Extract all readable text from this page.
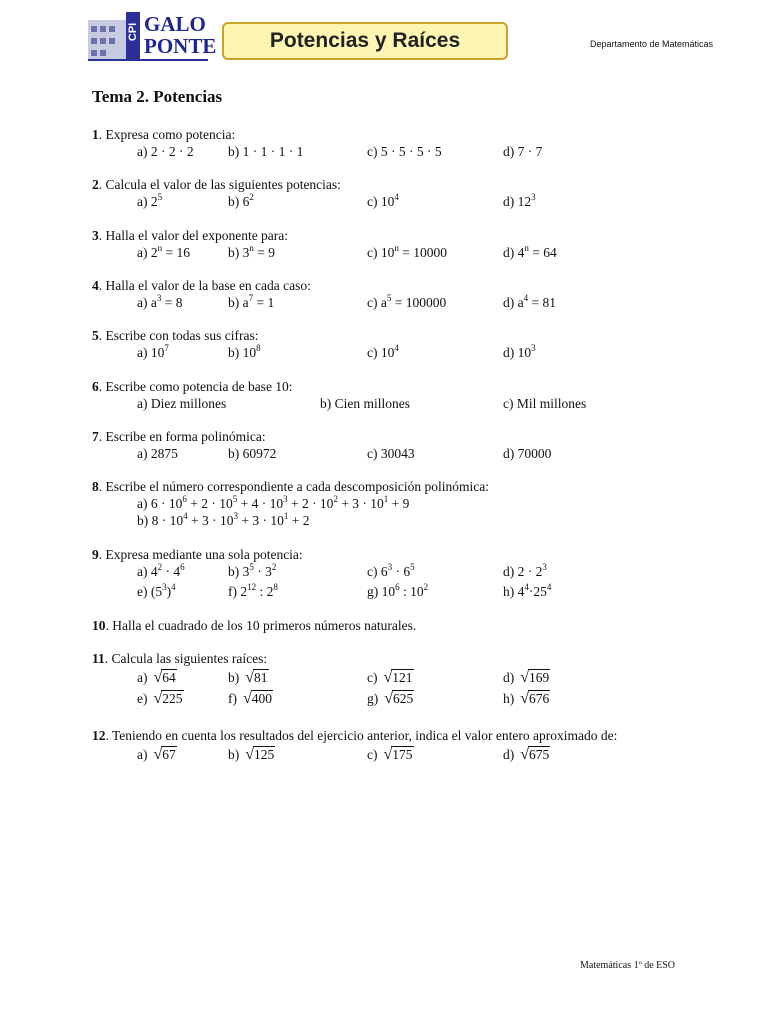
CPI GALO
PONTE	Potencias y Raíces	Departamento de Matemáticas
Tema 2. Potencias
1. Expresa como potencia:
a) 2 · 2 · 2	b) 1 · 1 · 1 · 1	c) 5 · 5 · 5 · 5	d) 7 · 7
2. Calcula el valor de las siguientes potencias:
a) $2^5$	b) $6^2$	c) $10^4$	d) $12^3$
3. Halla el valor del exponente para:
a) $2^n = 16$	b) $3^n = 9$	c) $10^n = 10000$	d) $4^n = 64$
4. Halla el valor de la base en cada caso:
a) $a^3 = 8$	b) $a^7 = 1$	c) $a^5 = 100000$	d) $a^4 = 81$
5. Escribe con todas sus cifras:
a) $10^7$	b) $10^8$	c) $10^4$	d) $10^3$
6. Escribe como potencia de base 10:
a) Diez millones	b) Cien millones	c) Mil millones
7. Escribe en forma polinómica:
a) 2875	b) 60972	c) 30043	d) 70000
8. Escribe el número correspondiente a cada descomposición polinómica:
a) $6 \cdot 10^6 + 2 \cdot 10^5 + 4 \cdot 10^3 + 2 \cdot 10^2 + 3 \cdot 10^1 + 9$
b) $8 \cdot 10^4 + 3 \cdot 10^3 + 3 \cdot 10^1 + 2$
9. Expresa mediante una sola potencia:
a) $4^2 \cdot 4^6$	b) $3^5 \cdot 3^2$	c) $6^3 \cdot 6^5$	d) $2 \cdot 2^3$
e) $(5^3)^4$	f) $2^{12}$ : $2^8$	g) $10^6$ : $10^2$	h) $4^4\cdot 25^4$
10. Halla el cuadrado de los 10 primeros números naturales.
11. Calcula las siguientes raíces:
a) √64	b) √81	c) √121	d) √169
e) √225	f) √400	g) √625	h) √676
12. Teniendo en cuenta los resultados del ejercicio anterior, indica el valor entero aproximado de:
a) √67	b) √125	c) √175	d) √675
Matemáticas 1º de ESO
